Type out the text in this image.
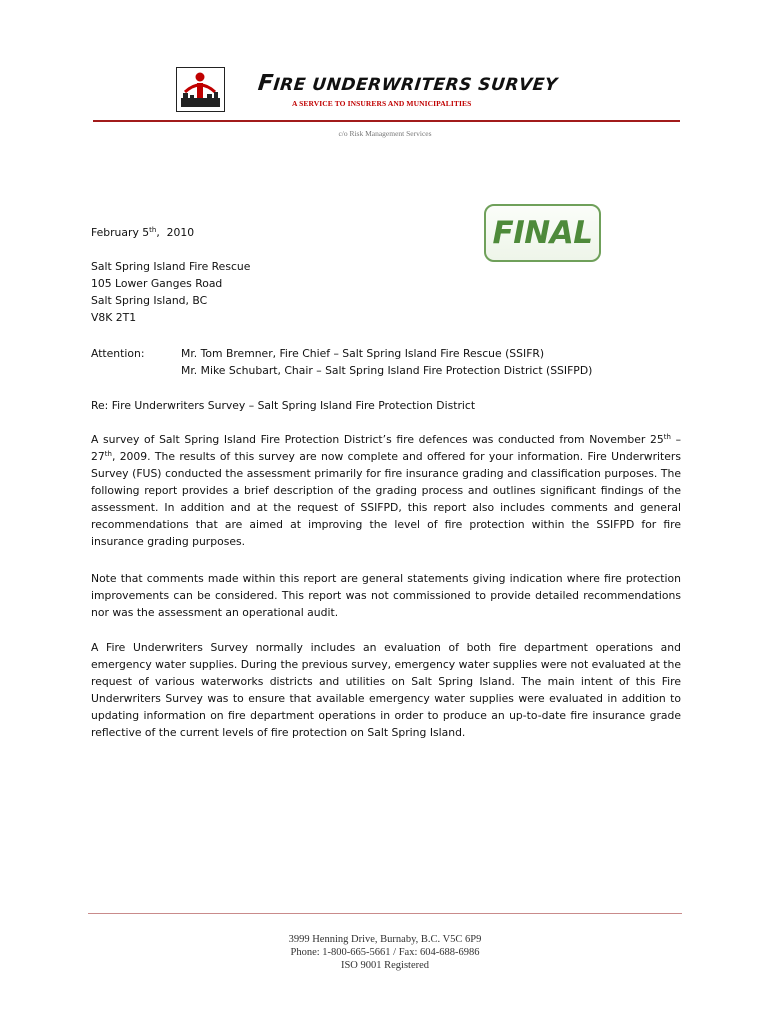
FIRE UNDERWRITERS SURVEY
A SERVICE TO INSURERS AND MUNICIPALITIES
c/o Risk Management Services
FINAL
February 5th,  2010

Salt Spring Island Fire Rescue

105 Lower Ganges Road

Salt Spring Island, BC

V8K 2T1

Attention:	Mr. Tom Bremner, Fire Chief – Salt Spring Island Fire Rescue (SSIFR)

Mr. Mike Schubart, Chair – Salt Spring Island Fire Protection District (SSIFPD)

Re: Fire Underwriters Survey – Salt Spring Island Fire Protection District
A survey of Salt Spring Island Fire Protection District’s fire defences was conducted from November 25th – 27th, 2009. The results of this survey are now complete and offered for your information. Fire Underwriters Survey (FUS) conducted the assessment primarily for fire insurance grading and classification purposes. The following report provides a brief description of the grading process and outlines significant findings of the assessment. In addition and at the request of SSIFPD, this report also includes comments and general recommendations that are aimed at improving the level of fire protection within the SSIFPD for fire insurance grading purposes.
Note that comments made within this report are general statements giving indication where fire protection improvements can be considered. This report was not commissioned to provide detailed recommendations nor was the assessment an operational audit.
A Fire Underwriters Survey normally includes an evaluation of both fire department operations and emergency water supplies. During the previous survey, emergency water supplies were not evaluated at the request of various waterworks districts and utilities on Salt Spring Island. The main intent of this Fire Underwriters Survey was to ensure that available emergency water supplies were evaluated in addition to updating information on fire department operations in order to produce an up-to-date fire insurance grade reflective of the current levels of fire protection on Salt Spring Island.
3999 Henning Drive, Burnaby, B.C. V5C 6P9
Phone: 1-800-665-5661 / Fax: 604-688-6986
ISO 9001 Registered
